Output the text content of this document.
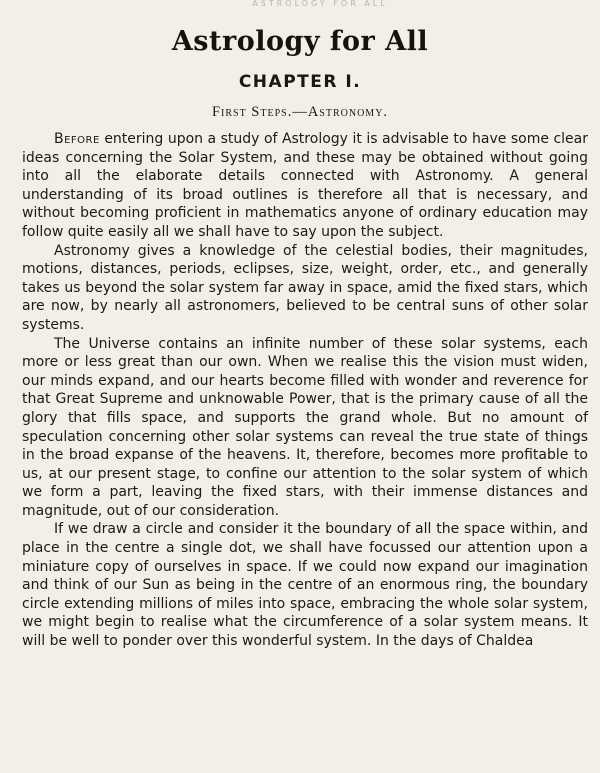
ASTROLOGY FOR ALL
Astrology for All
CHAPTER I.
First Steps.—Astronomy.

Before entering upon a study of Astrology it is advisable to have some clear ideas concerning the Solar System, and these may be obtained without going into all the elaborate details connected with Astronomy. A general understanding of its broad outlines is therefore all that is necessary, and without becoming proficient in mathematics anyone of ordinary education may follow quite easily all we shall have to say upon the subject.

Astronomy gives a knowledge of the celestial bodies, their magnitudes, motions, distances, periods, eclipses, size, weight, order, etc., and generally takes us beyond the solar system far away in space, amid the fixed stars, which are now, by nearly all astronomers, believed to be central suns of other solar systems.

The Universe contains an infinite number of these solar systems, each more or less great than our own. When we realise this the vision must widen, our minds expand, and our hearts become filled with wonder and reverence for that Great Supreme and unknowable Power, that is the primary cause of all the glory that fills space, and supports the grand whole. But no amount of speculation concerning other solar systems can reveal the true state of things in the broad expanse of the heavens. It, therefore, becomes more profitable to us, at our present stage, to confine our attention to the solar system of which we form a part, leaving the fixed stars, with their immense distances and magnitude, out of our consideration.

If we draw a circle and consider it the boundary of all the space within, and place in the centre a single dot, we shall have focussed our attention upon a miniature copy of ourselves in space. If we could now expand our imagination and think of our Sun as being in the centre of an enormous ring, the boundary circle extending millions of miles into space, embracing the whole solar system, we might begin to realise what the circumference of a solar system means. It will be well to ponder over this wonderful system. In the days of Chaldea
